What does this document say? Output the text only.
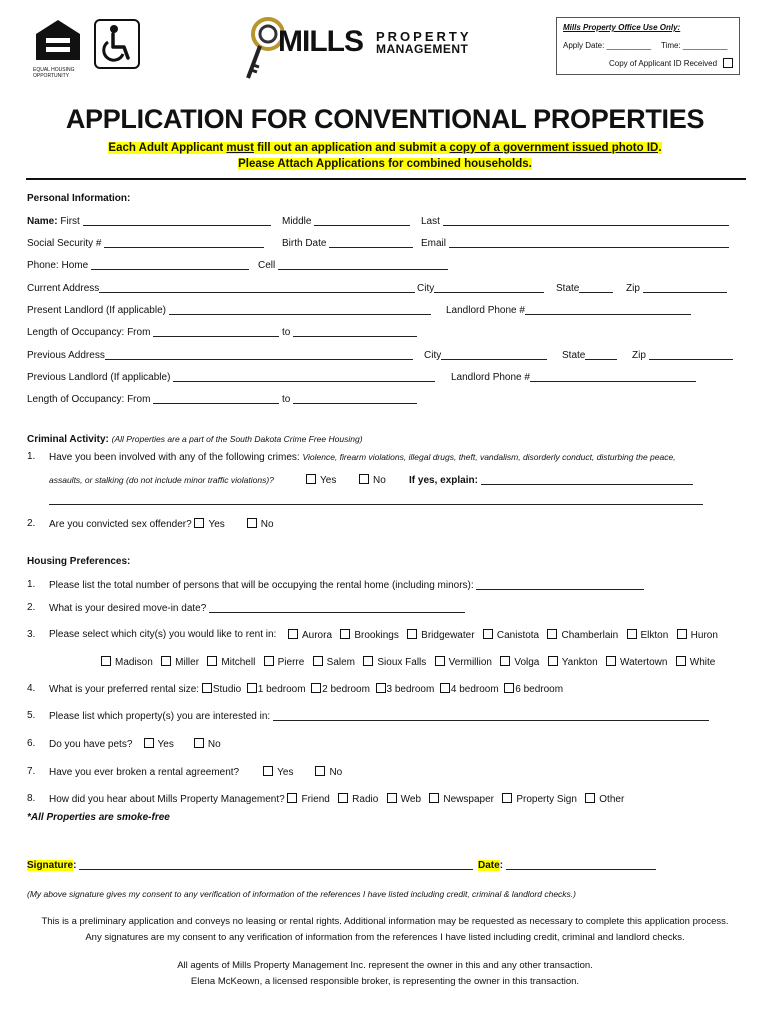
EQUAL HOUSING OPPORTUNITY
MILLS PROPERTY
MANAGEMENT
Mills Property Office Use Only:
Apply Date: __________ Time: __________
Copy of Applicant ID Received
APPLICATION FOR CONVENTIONAL PROPERTIES
Each Adult Applicant must fill out an application and submit a copy of a government issued photo ID.
Please Attach Applications for combined households.
Personal Information:
Name: First	Middle	Last
Social Security #	Birth Date	Email
Phone: Home	Cell
Current Address	City	State	Zip
Present Landlord (If applicable)	Landlord Phone #
Length of Occupancy: From	to
Previous Address	City	State	Zip
Previous Landlord (If applicable)	Landlord Phone #
Length of Occupancy: From	to
Criminal Activity: (All Properties are a part of the South Dakota Crime Free Housing)
1. Have you been involved with any of the following crimes: Violence, firearm violations, illegal drugs, theft, vandalism, disorderly conduct, disturbing the peace,
assaults, or stalking (do not include minor traffic violations)?	Yes	No If yes, explain:
2. Are you convicted sex offender? Yes	No
Housing Preferences:
1. Please list the total number of persons that will be occupying the rental home (including minors):
2. What is your desired move-in date?
3. Please select which city(s) you would like to rent in:	Aurora Brookings Bridgewater Canistota Chamberlain Elkton Huron
Madison Miller Mitchell Pierre Salem Sioux Falls Vermillion Volga Yankton Watertown White
4. What is your preferred rental size: Studio 1 bedroom 2 bedroom 3 bedroom 4 bedroom 6 bedroom
5. Please list which property(s) you are interested in:
6. Do you have pets?	Yes	No
7. Have you ever broken a rental agreement?	Yes	No
8. How did you hear about Mills Property Management? Friend Radio Web Newspaper Property Sign Other
*All Properties are smoke-free
Signature:	Date:
(My above signature gives my consent to any verification of information of the references I have listed including credit, criminal & landlord checks.)
This is a preliminary application and conveys no leasing or rental rights. Additional information may be requested as necessary to complete this application process.
Any signatures are my consent to any verification of information from the references I have listed including credit, criminal and landlord checks.
All agents of Mills Property Management Inc. represent the owner in this and any other transaction.
Elena McKeown, a licensed responsible broker, is representing the owner in this transaction.
